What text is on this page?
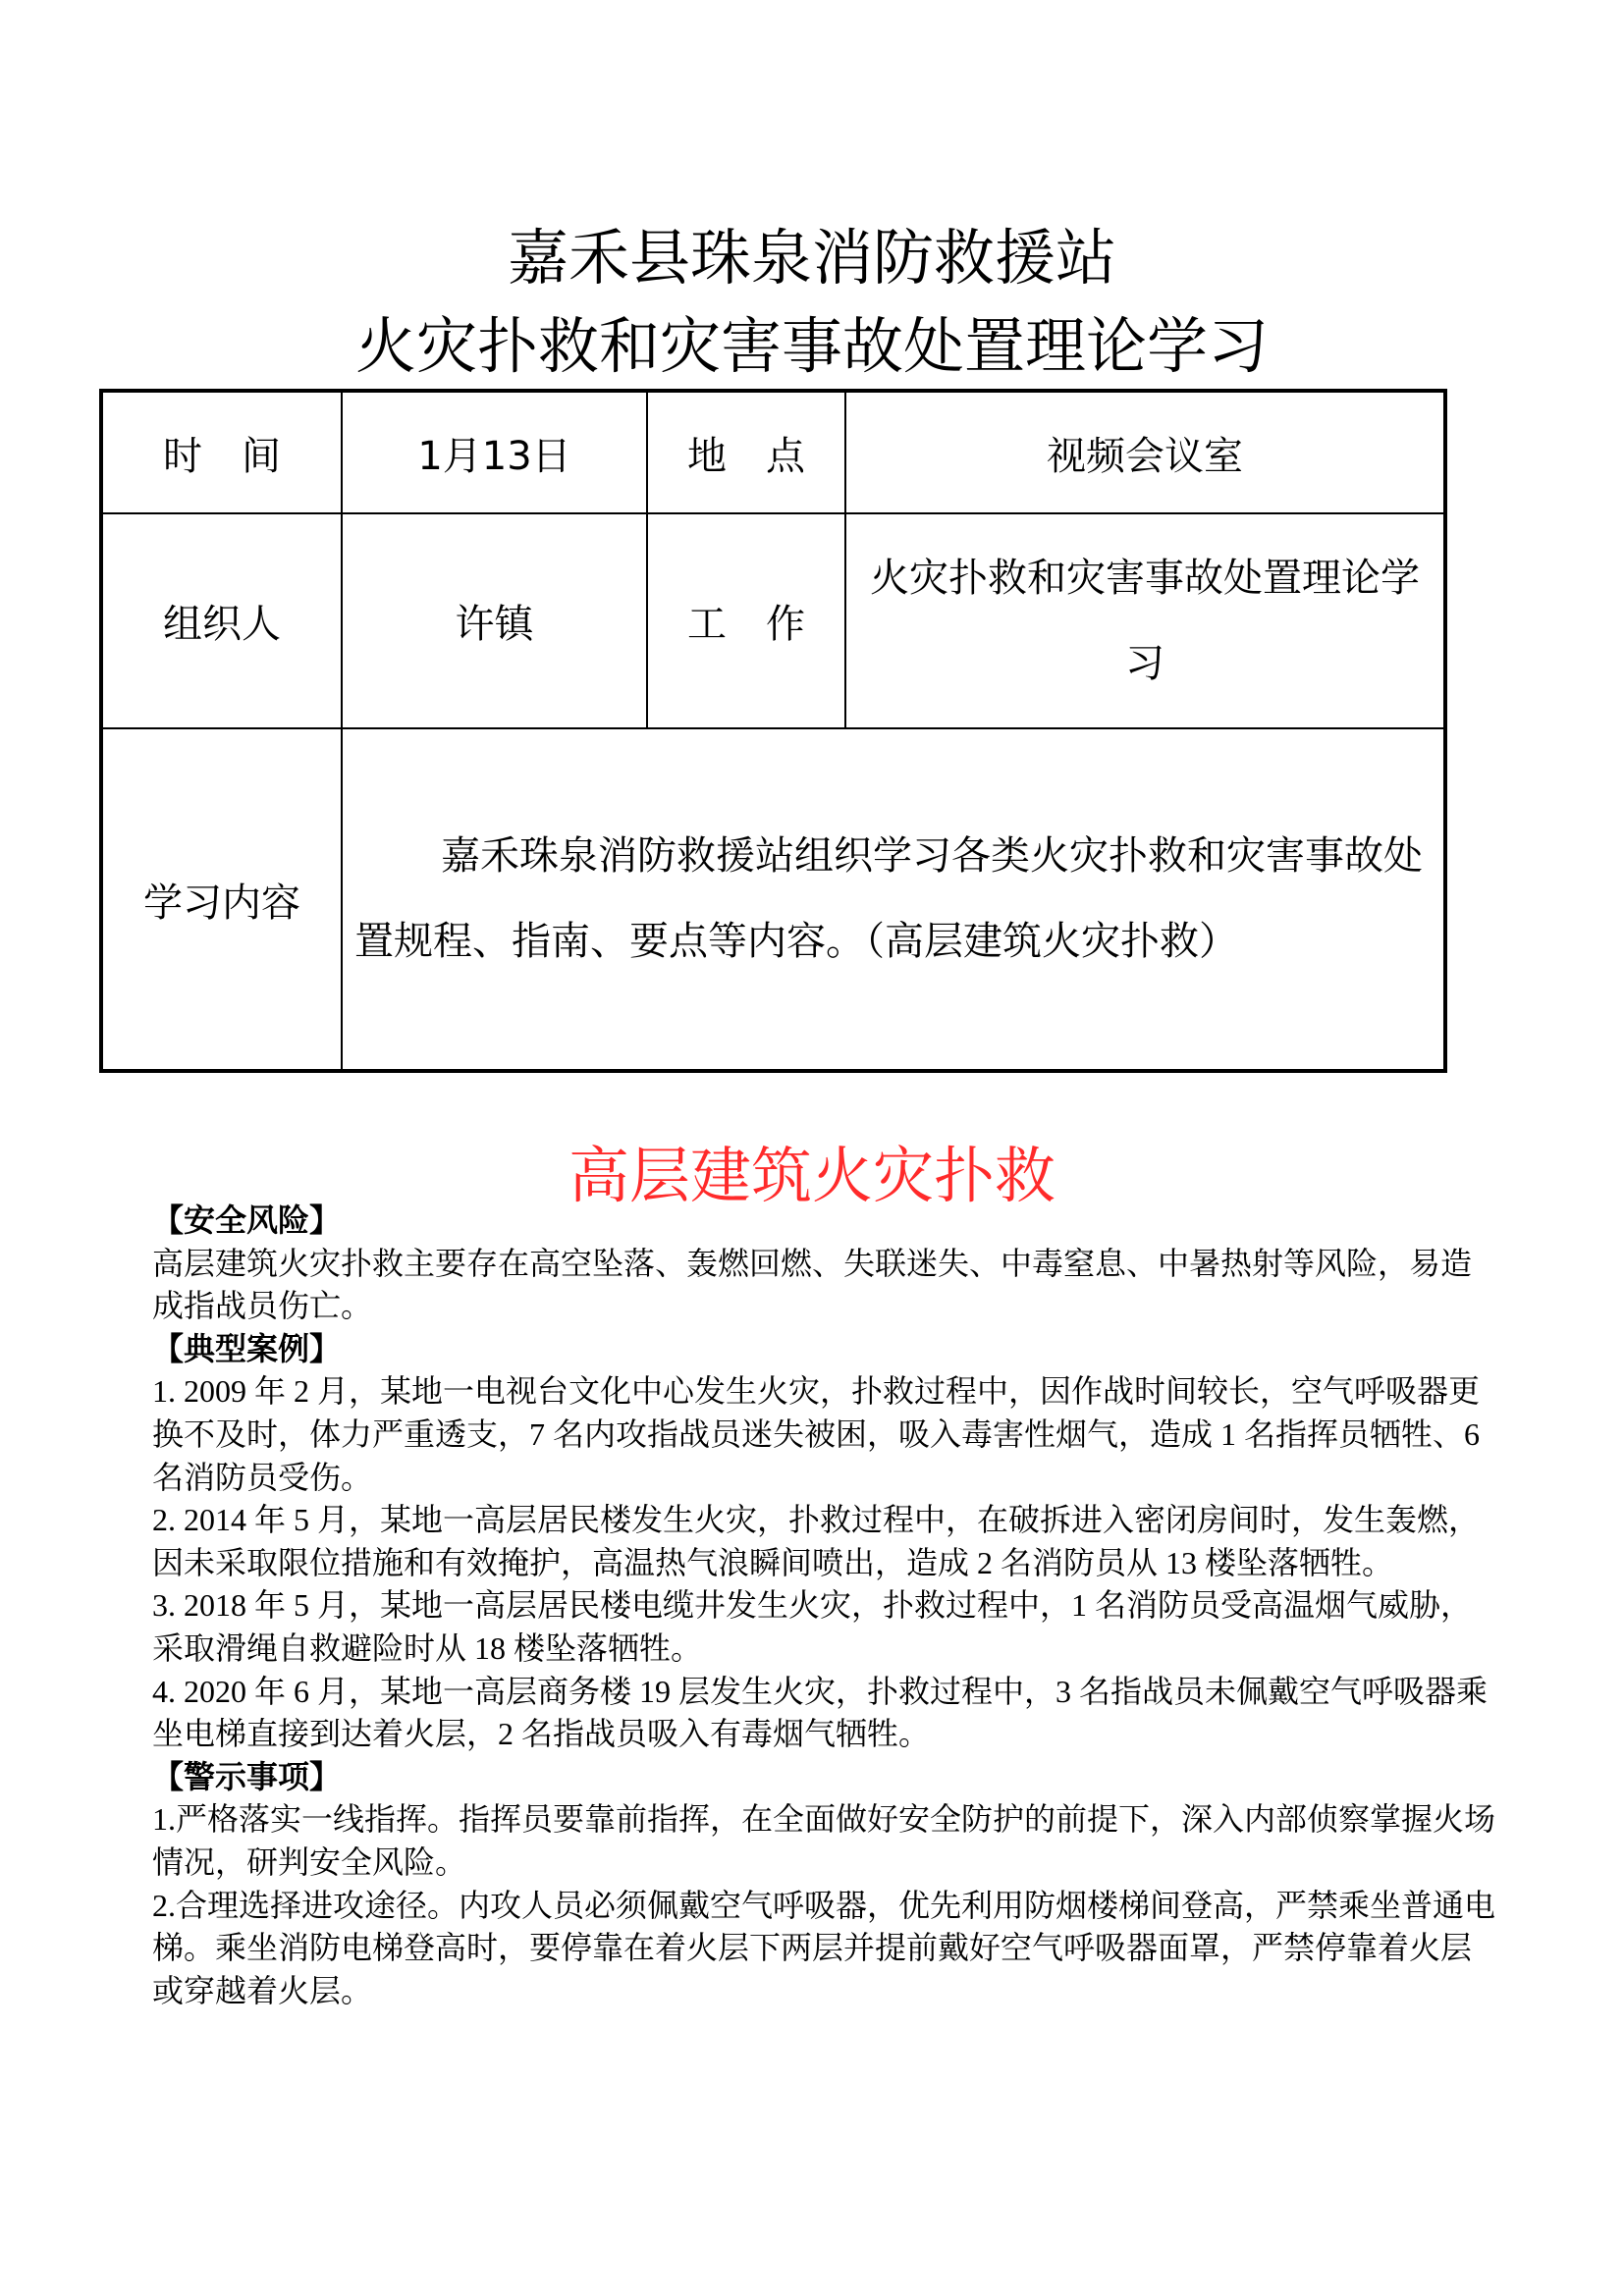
嘉禾县珠泉消防救援站
火灾扑救和灾害事故处置理论学习
时　间	1月13日	地　点	视频会议室
组织人	许镇	工　作	火灾扑救和灾害事故处置理论学习
学习内容	嘉禾珠泉消防救援站组织学习各类火灾扑救和灾害事故处置规程、指南、要点等内容。（高层建筑火灾扑救）		
高层建筑火灾扑救

【安全风险】

高层建筑火灾扑救主要存在高空坠落、轰燃回燃、失联迷失、中毒窒息、中暑热射等风险，易造成指战员伤亡。

【典型案例】

1. 2009 年 2 月，某地一电视台文化中心发生火灾，扑救过程中，因作战时间较长，空气呼吸器更换不及时，体力严重透支，7 名内攻指战员迷失被困，吸入毒害性烟气，造成 1 名指挥员牺牲、6 名消防员受伤。

2. 2014 年 5 月，某地一高层居民楼发生火灾，扑救过程中，在破拆进入密闭房间时，发生轰燃，因未采取限位措施和有效掩护，高温热气浪瞬间喷出，造成 2 名消防员从 13 楼坠落牺牲。

3. 2018 年 5 月，某地一高层居民楼电缆井发生火灾，扑救过程中，1 名消防员受高温烟气威胁，采取滑绳自救避险时从 18 楼坠落牺牲。

4. 2020 年 6 月，某地一高层商务楼 19 层发生火灾，扑救过程中，3 名指战员未佩戴空气呼吸器乘坐电梯直接到达着火层，2 名指战员吸入有毒烟气牺牲。

【警示事项】

1.严格落实一线指挥。指挥员要靠前指挥，在全面做好安全防护的前提下，深入内部侦察掌握火场情况，研判安全风险。

2.合理选择进攻途径。内攻人员必须佩戴空气呼吸器，优先利用防烟楼梯间登高，严禁乘坐普通电梯。乘坐消防电梯登高时，要停靠在着火层下两层并提前戴好空气呼吸器面罩，严禁停靠着火层或穿越着火层。
